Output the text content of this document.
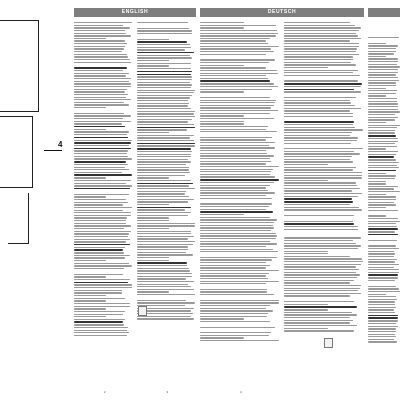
4
ENGLISH
2	3
DEUTSCH
4
